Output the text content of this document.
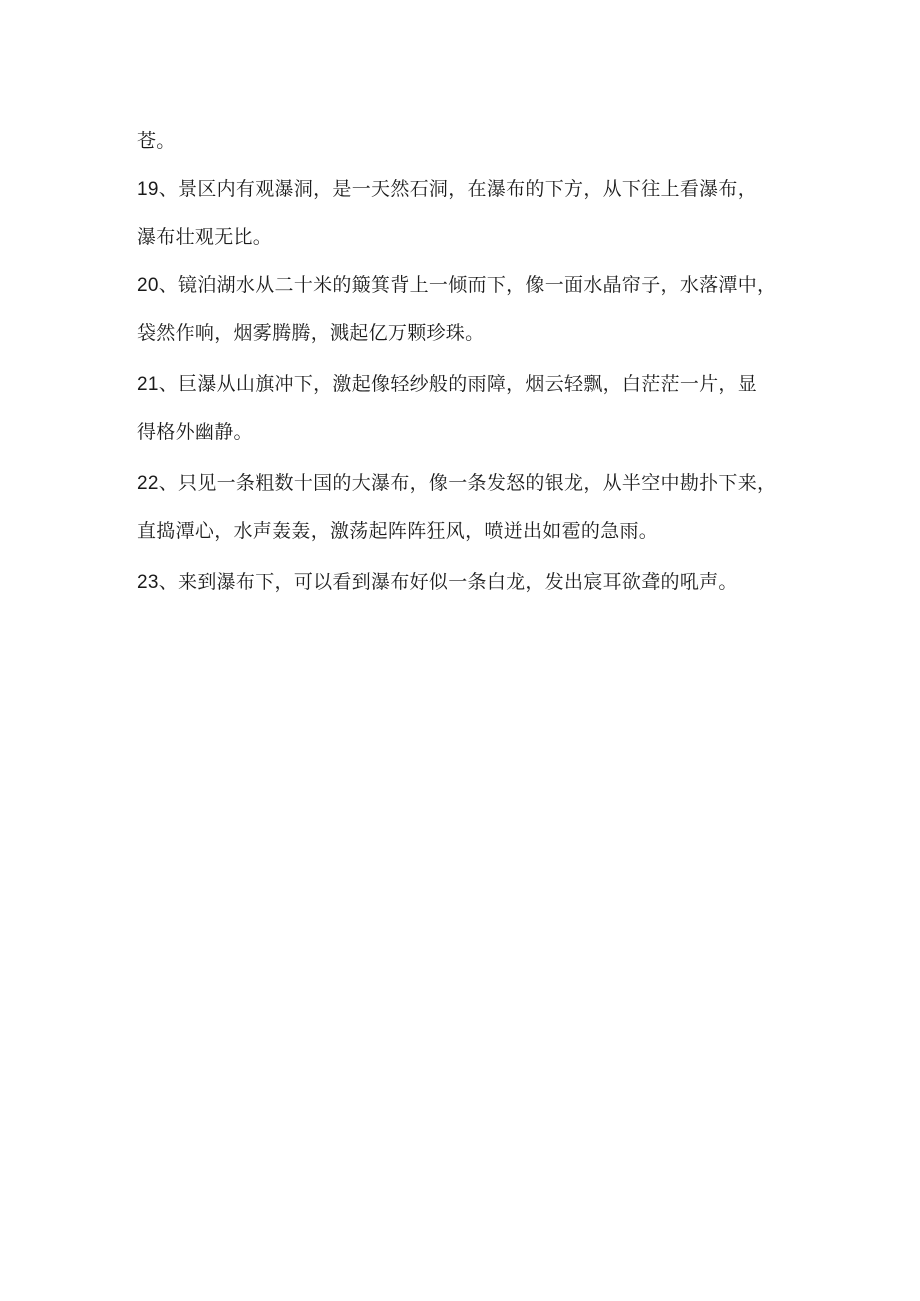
苍。
19、景区内有观瀑洞，是一天然石洞，在瀑布的下方，从下往上看瀑布，
瀑布壮观无比。
20、镜泊湖水从二十米的簸箕背上一倾而下，像一面水晶帘子，水落潭中，
袋然作响，烟雾腾腾，溅起亿万颗珍珠。
21、巨瀑从山旗冲下，激起像轻纱般的雨障，烟云轻飘，白茫茫一片，显
得格外幽静。
22、只见一条粗数十国的大瀑布，像一条发怒的银龙，从半空中勘扑下来，
直捣潭心，水声轰轰，激荡起阵阵狂风，喷迸出如雹的急雨。
23、来到瀑布下，可以看到瀑布好似一条白龙，发出宸耳欲聋的吼声。
